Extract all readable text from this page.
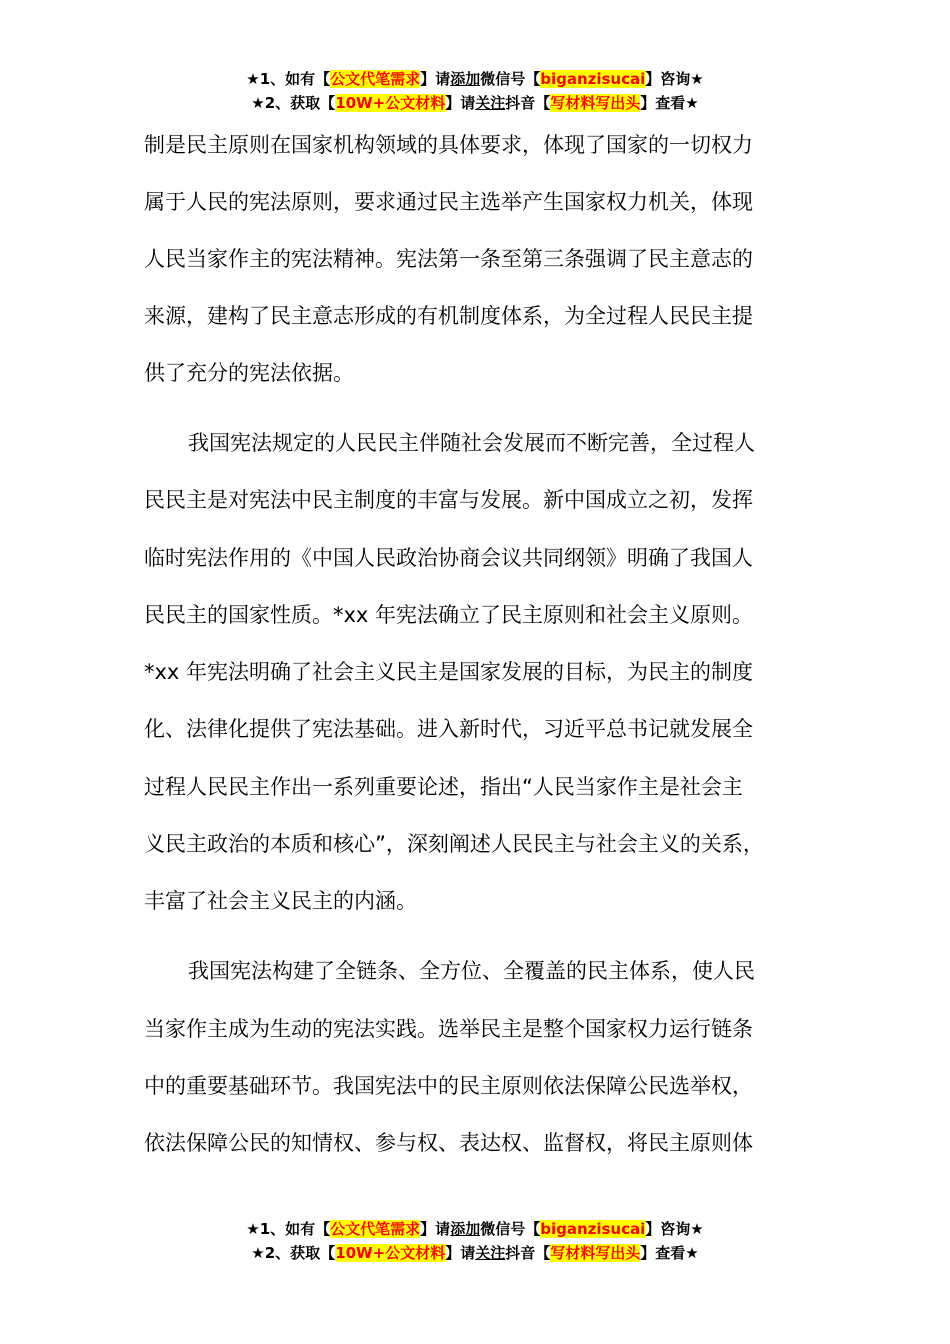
★1、如有【公文代笔需求】请添加微信号【biganzisucai】咨询★
★2、获取【10W+公文材料】请关注抖音【写材料写出头】查看★
制是民主原则在国家机构领域的具体要求，体现了国家的一切权力
属于人民的宪法原则，要求通过民主选举产生国家权力机关，体现
人民当家作主的宪法精神。宪法第一条至第三条强调了民主意志的
来源，建构了民主意志形成的有机制度体系，为全过程人民民主提
供了充分的宪法依据。
我国宪法规定的人民民主伴随社会发展而不断完善，全过程人
民民主是对宪法中民主制度的丰富与发展。新中国成立之初，发挥
临时宪法作用的《中国人民政治协商会议共同纲领》明确了我国人
民民主的国家性质。*xx 年宪法确立了民主原则和社会主义原则。
*xx 年宪法明确了社会主义民主是国家发展的目标，为民主的制度
化、法律化提供了宪法基础。进入新时代，习近平总书记就发展全
过程人民民主作出一系列重要论述，指出“人民当家作主是社会主
义民主政治的本质和核心”，深刻阐述人民民主与社会主义的关系，
丰富了社会主义民主的内涵。
我国宪法构建了全链条、全方位、全覆盖的民主体系，使人民
当家作主成为生动的宪法实践。选举民主是整个国家权力运行链条
中的重要基础环节。我国宪法中的民主原则依法保障公民选举权，
依法保障公民的知情权、参与权、表达权、监督权，将民主原则体
★1、如有【公文代笔需求】请添加微信号【biganzisucai】咨询★
★2、获取【10W+公文材料】请关注抖音【写材料写出头】查看★
